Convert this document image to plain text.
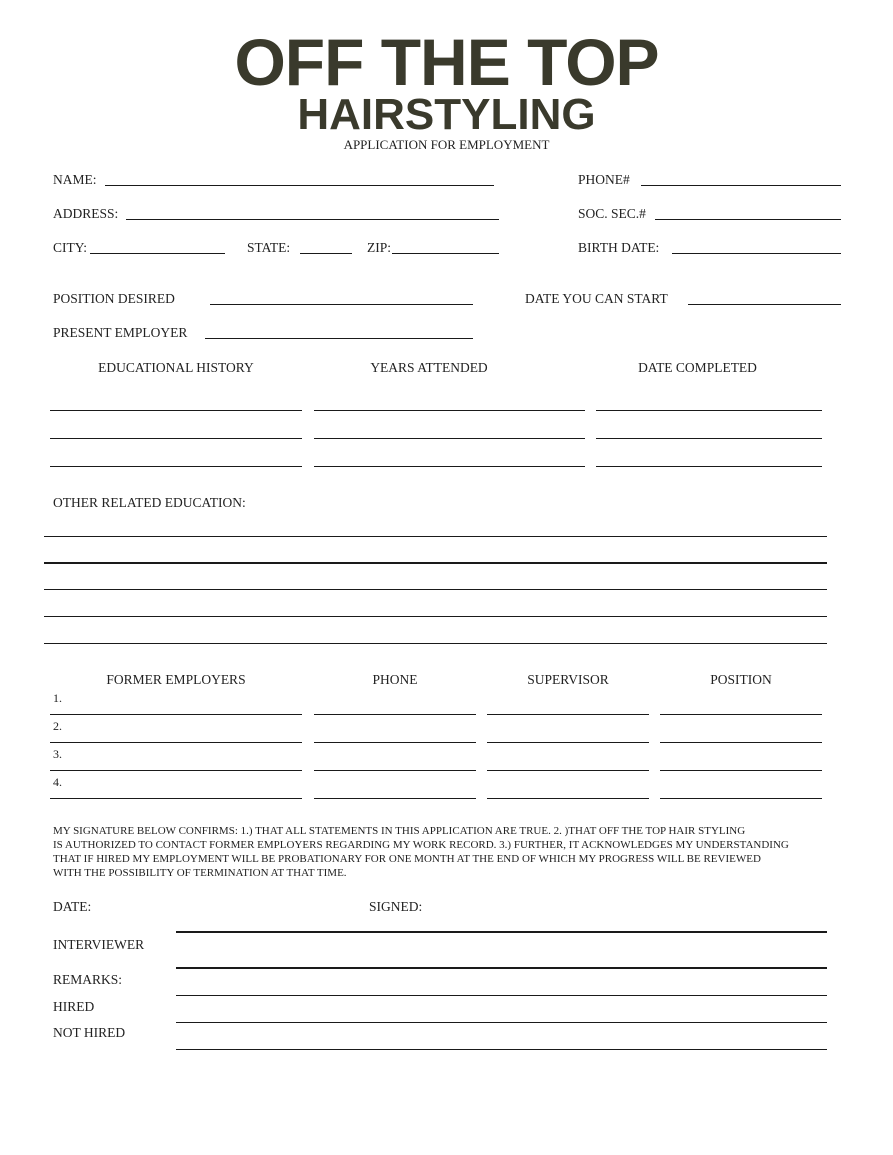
OFF THE TOP
HAIRSTYLING
APPLICATION FOR EMPLOYMENT
NAME:	PHONE#
ADDRESS:	SOC. SEC.#
CITY:	STATE:	ZIP:	BIRTH DATE:
POSITION DESIRED	DATE YOU CAN START
PRESENT EMPLOYER
EDUCATIONAL HISTORY	YEARS ATTENDED	DATE COMPLETED
OTHER RELATED EDUCATION:
FORMER EMPLOYERS	PHONE	SUPERVISOR	POSITION
1.
2.
3.
4.
MY SIGNATURE BELOW CONFIRMS: 1.) THAT ALL STATEMENTS IN THIS APPLICATION ARE TRUE. 2. )THAT OFF THE TOP HAIR STYLING
IS AUTHORIZED TO CONTACT FORMER EMPLOYERS REGARDING MY WORK RECORD. 3.) FURTHER, IT ACKNOWLEDGES MY UNDERSTANDING
THAT IF HIRED MY EMPLOYMENT WILL BE PROBATIONARY FOR ONE MONTH AT THE END OF WHICH MY PROGRESS WILL BE REVIEWED
WITH THE POSSIBILITY OF TERMINATION AT THAT TIME.
DATE:	SIGNED:
INTERVIEWER
REMARKS:
HIRED
NOT HIRED
